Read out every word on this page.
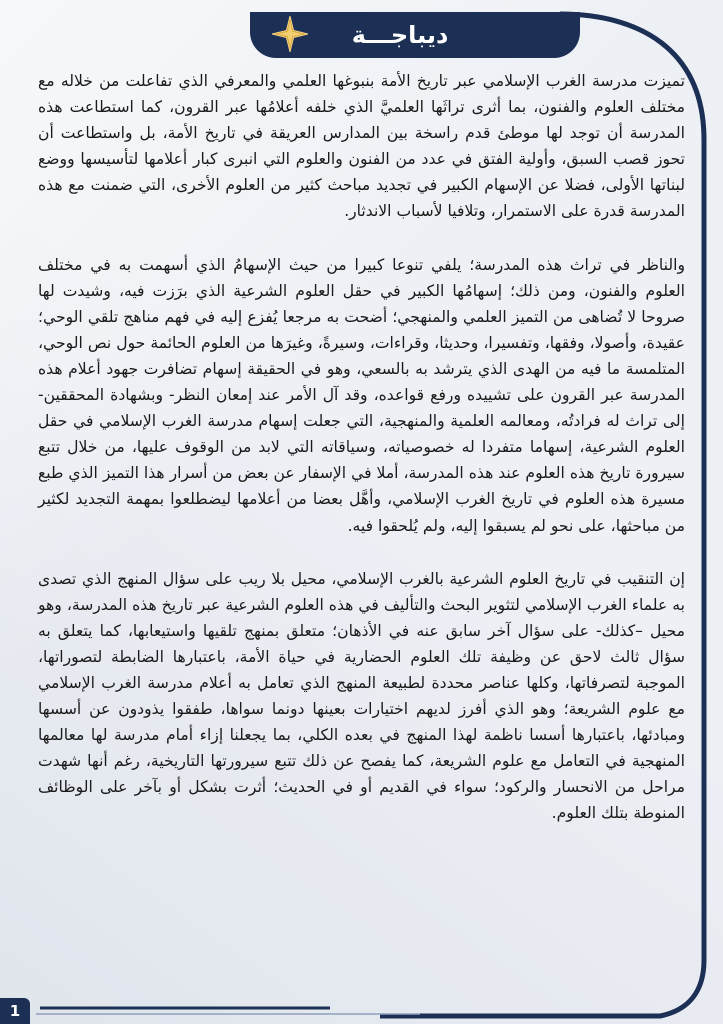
ديباجـــة

تميزت مدرسة الغرب الإسلامي عبر تاريخ الأمة بنبوغها العلمي والمعرفي الذي تفاعلت من خلاله مع مختلف العلوم والفنون، بما أثرى تراثَها العلميَّ الذي خلفه أعلامُها عبر القرون، كما استطاعت هذه المدرسة أن توجد لها موطئ قدم راسخة بين المدارس العريقة في تاريخ الأمة، بل واستطاعت أن تحوز قصب السبق، وأولية الفتق في عدد من الفنون والعلوم التي انبرى كبار أعلامها لتأسيسها ووضع لبناتها الأولى، فضلا عن الإسهام الكبير في تجديد مباحث كثير من العلوم الأخرى، التي ضمنت مع هذه المدرسة قدرة على الاستمرار، وتلافيا لأسباب الاندثار.

والناظر في تراث هذه المدرسة؛ يلفي تنوعا كبيرا من حيث الإسهامُ الذي أسهمت به في مختلف العلوم والفنون، ومن ذلك؛ إسهامُها الكبير في حقل العلوم الشرعية الذي برَزت فيه، وشيدت لها صروحا لا تُضاهى من التميز العلمي والمنهجي؛ أضحت به مرجعا يُفزع إليه في فهم مناهج تلقي الوحي؛ عقيدة، وأصولا، وفقها، وتفسيرا، وحديثا، وقراءات، وسيرةً، وغيرَها من العلوم الحائمة حول نص الوحي، المتلمسة ما فيه من الهدى الذي يترشد به بالسعي، وهو في الحقيقة إسهام تضافرت جهود أعلام هذه المدرسة عبر القرون على تشييده ورفع قواعده، وقد آل الأمر عند إمعان النظر- وبشهادة المحققين- إلى تراث له فرادتُه، ومعالمه العلمية والمنهجية، التي جعلت إسهام مدرسة الغرب الإسلامي في حقل العلوم الشرعية، إسهاما متفردا له خصوصياته، وسياقاته التي لابد من الوقوف عليها، من خلال تتبع سيرورة تاريخ هذه العلوم عند هذه المدرسة، أملا في الإسفار عن بعض من أسرار هذا التميز الذي طبع مسيرة هذه العلوم في تاريخ الغرب الإسلامي، وأهَّل بعضا من أعلامها ليضطلعوا بمهمة التجديد لكثير من مباحثها، على نحو لم يسبقوا إليه، ولم يُلحقوا فيه.

إن التنقيب في تاريخ العلوم الشرعية بالغرب الإسلامي، محيل بلا ريب على سؤال المنهج الذي تصدى به علماء الغرب الإسلامي لتثوير البحث والتأليف في هذه العلوم الشرعية عبر تاريخ هذه المدرسة، وهو محيل –كذلك- على سؤال آخر سابق عنه في الأذهان؛ متعلق بمنهج تلقيها واستيعابها، كما يتعلق به سؤال ثالث لاحق عن وظيفة تلك العلوم الحضارية في حياة الأمة، باعتبارها الضابطة لتصوراتها، الموجبة لتصرفاتها، وكلها عناصر محددة لطبيعة المنهج الذي تعامل به أعلام مدرسة الغرب الإسلامي مع علوم الشريعة؛ وهو الذي أفرز لديهم اختيارات بعينها دونما سواها، طفقوا يذودون عن أسسها ومبادئها، باعتبارها أسسا ناظمة لهذا المنهج في بعده الكلي، بما يجعلنا إزاء أمام مدرسة لها معالمها المنهجية في التعامل مع علوم الشريعة، كما يفصح عن ذلك تتبع سيرورتها التاريخية، رغم أنها شهدت مراحل من الانحسار والركود؛ سواء في القديم أو في الحديث؛ أثرت بشكل أو بآخر على الوظائف المنوطة بتلك العلوم.

1
